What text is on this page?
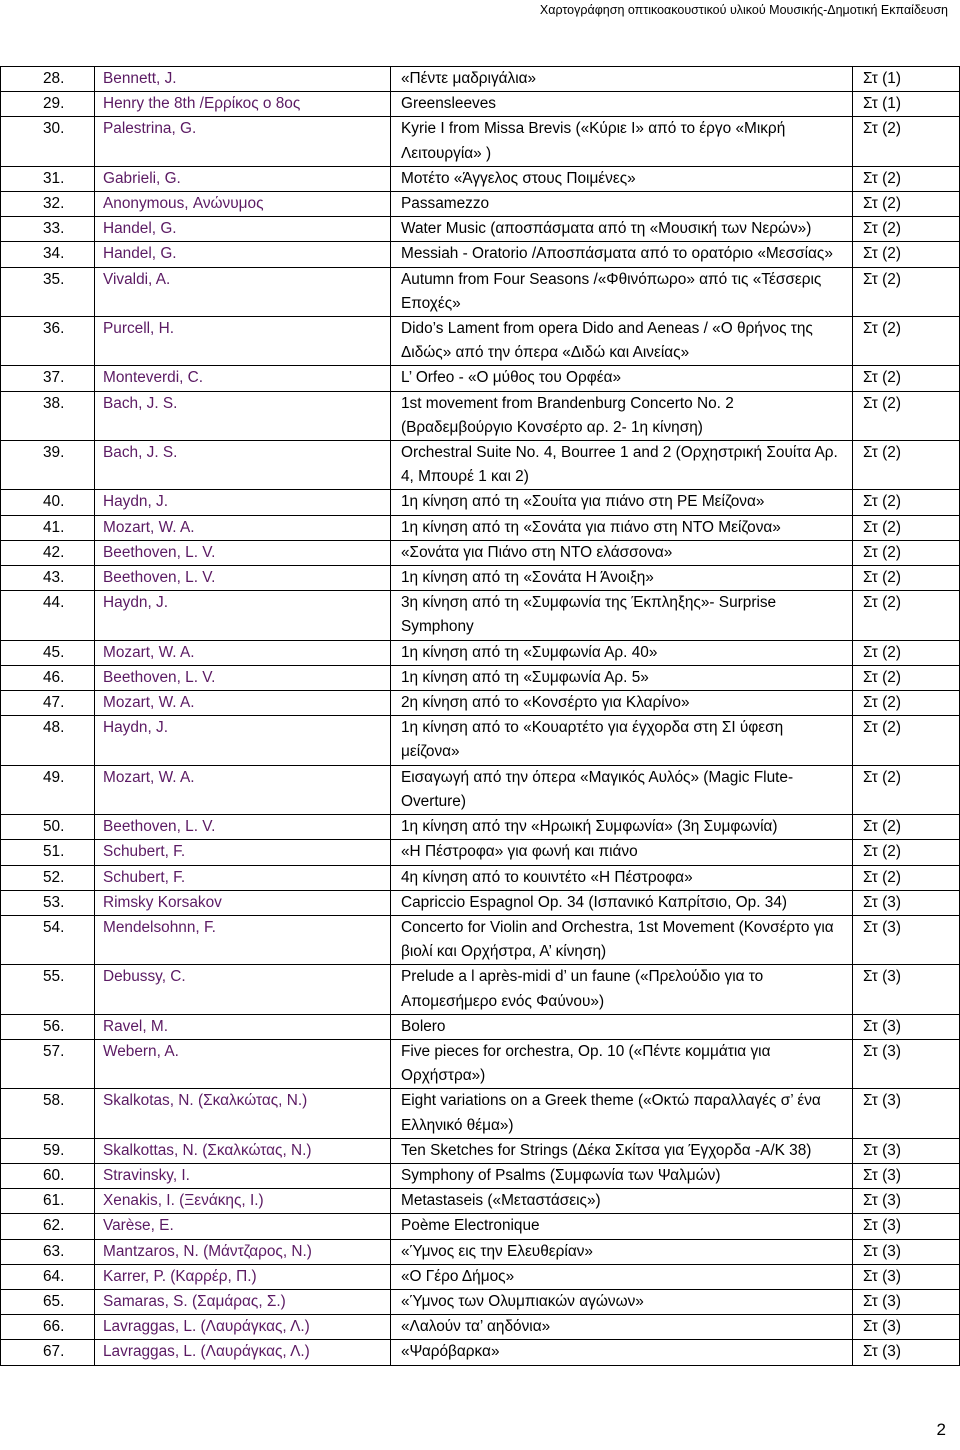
Χαρτογράφηση οπτικοακουστικού υλικού Μουσικής-Δημοτική Εκπαίδευση
28.	Bennett, J.	«Πέντε μαδριγάλια»	Στ (1)
29.	Henry the 8th /Ερρίκος ο 8ος	Greensleeves	Στ (1)
30.	Palestrina, G.	Kyrie I from Missa Brevis («Κύριε Ι» από το έργο «Μικρή Λειτουργία» )	Στ (2)
31.	Gabrieli, G.	Μοτέτο «Άγγελος στους Ποιμένες»	Στ (2)
32.	Anonymous, Ανώνυμος	Passamezzo	Στ (2)
33.	Handel, G.	Water Music (αποσπάσματα από τη «Μουσική των Νερών»)	Στ (2)
34.	Handel, G.	Messiah - Oratorio /Αποσπάσματα από το ορατόριο «Μεσσίας»	Στ (2)
35.	Vivaldi, A.	Autumn from Four Seasons /«Φθινόπωρο» από τις «Τέσσερις Εποχές»	Στ (2)
36.	Purcell, H.	Dido’s Lament from opera Dido and Aeneas / «Ο θρήνος της Διδώς» από την όπερα «Διδώ και Αινείας»	Στ (2)
37.	Monteverdi, C.	L’ Orfeo - «Ο μύθος του Ορφέα»	Στ (2)
38.	Bach, J. S.	1st movement from Brandenburg Concerto No. 2 (Βραδεμβούργιο Κονσέρτο αρ. 2- 1η κίνηση)	Στ (2)
39.	Bach, J. S.	Orchestral Suite No. 4, Bourree 1 and 2 (Ορχηστρική Σουίτα Αρ. 4, Μπουρέ 1 και 2)	Στ (2)
40.	Haydn, J.	1η κίνηση από τη «Σουίτα για πιάνο στη ΡΕ Μείζονα»	Στ (2)
41.	Mozart, W. A.	1η κίνηση από τη «Σονάτα για πιάνο στη ΝΤΟ Μείζονα»	Στ (2)
42.	Beethoven, L. V.	«Σονάτα για Πιάνο στη ΝΤΟ ελάσσονα»	Στ (2)
43.	Beethoven, L. V.	1η κίνηση από τη «Σονάτα Η Άνοιξη»	Στ (2)
44.	Haydn, J.	3η κίνηση από τη «Συμφωνία της Έκπληξης»- Surprise Symphony	Στ (2)
45.	Mozart, W. A.	1η κίνηση από τη «Συμφωνία Αρ. 40»	Στ (2)
46.	Beethoven, L. V.	1η κίνηση από τη «Συμφωνία Αρ. 5»	Στ (2)
47.	Mozart, W. A.	2η κίνηση από το «Κονσέρτο για Κλαρίνο»	Στ (2)
48.	Haydn, J.	1η κίνηση από το «Κουαρτέτο για έγχορδα στη ΣΙ ύφεση μείζονα»	Στ (2)
49.	Mozart, W. A.	Εισαγωγή από την όπερα «Μαγικός Αυλός» (Magic Flute- Overture)	Στ (2)
50.	Beethoven, L. V.	1η κίνηση από την «Ηρωική Συμφωνία» (3η Συμφωνία)	Στ (2)
51.	Schubert, F.	«Η Πέστροφα» για φωνή και πιάνο	Στ (2)
52.	Schubert, F.	4η κίνηση από το κουιντέτο «Η Πέστροφα»	Στ (2)
53.	Rimsky Korsakov	Capriccio Espagnol Op. 34 (Ισπανικό Καπρίτσιο, Op. 34)	Στ (3)
54.	Mendelsohnn, F.	Concerto for Violin and Orchestra, 1st Movement (Κονσέρτο για βιολί και Ορχήστρα, Α’ κίνηση)	Στ (3)
55.	Debussy, C.	Prelude a l après-midi d’ un faune («Πρελούδιο για το Απομεσήμερο ενός Φαύνου»)	Στ (3)
56.	Ravel, M.	Bolero	Στ (3)
57.	Webern, A.	Five pieces for orchestra, Op. 10 («Πέντε κομμάτια για Ορχήστρα»)	Στ (3)
58.	Skalkotas, N. (Σκαλκώτας, Ν.)	Eight variations on a Greek theme («Οκτώ παραλλαγές σ’ ένα Ελληνικό θέμα»)	Στ (3)
59.	Skalkottas, N. (Σκαλκώτας, Ν.)	Ten Sketches for Strings (Δέκα Σκίτσα για Έγχορδα -Α/Κ 38)	Στ (3)
60.	Stravinsky, I.	Symphony of Psalms (Συμφωνία των Ψαλμών)	Στ (3)
61.	Xenakis, I. (Ξενάκης, Ι.)	Metastaseis («Μεταστάσεις»)	Στ (3)
62.	Varèse, E.	Poème Electronique	Στ (3)
63.	Mantzaros, N. (Μάντζαρος, Ν.)	«Ύμνος εις την Ελευθερίαν»	Στ (3)
64.	Karrer, P. (Καρρέρ, Π.)	«Ο Γέρο Δήμος»	Στ (3)
65.	Samaras, S. (Σαμάρας, Σ.)	«Ύμνος των Ολυμπιακών αγώνων»	Στ (3)
66.	Lavraggas, L. (Λαυράγκας, Λ.)	«Λαλούν τα’ αηδόνια»	Στ (3)
67.	Lavraggas, L. (Λαυράγκας, Λ.)	«Ψαρόβαρκα»	Στ (3)
2
